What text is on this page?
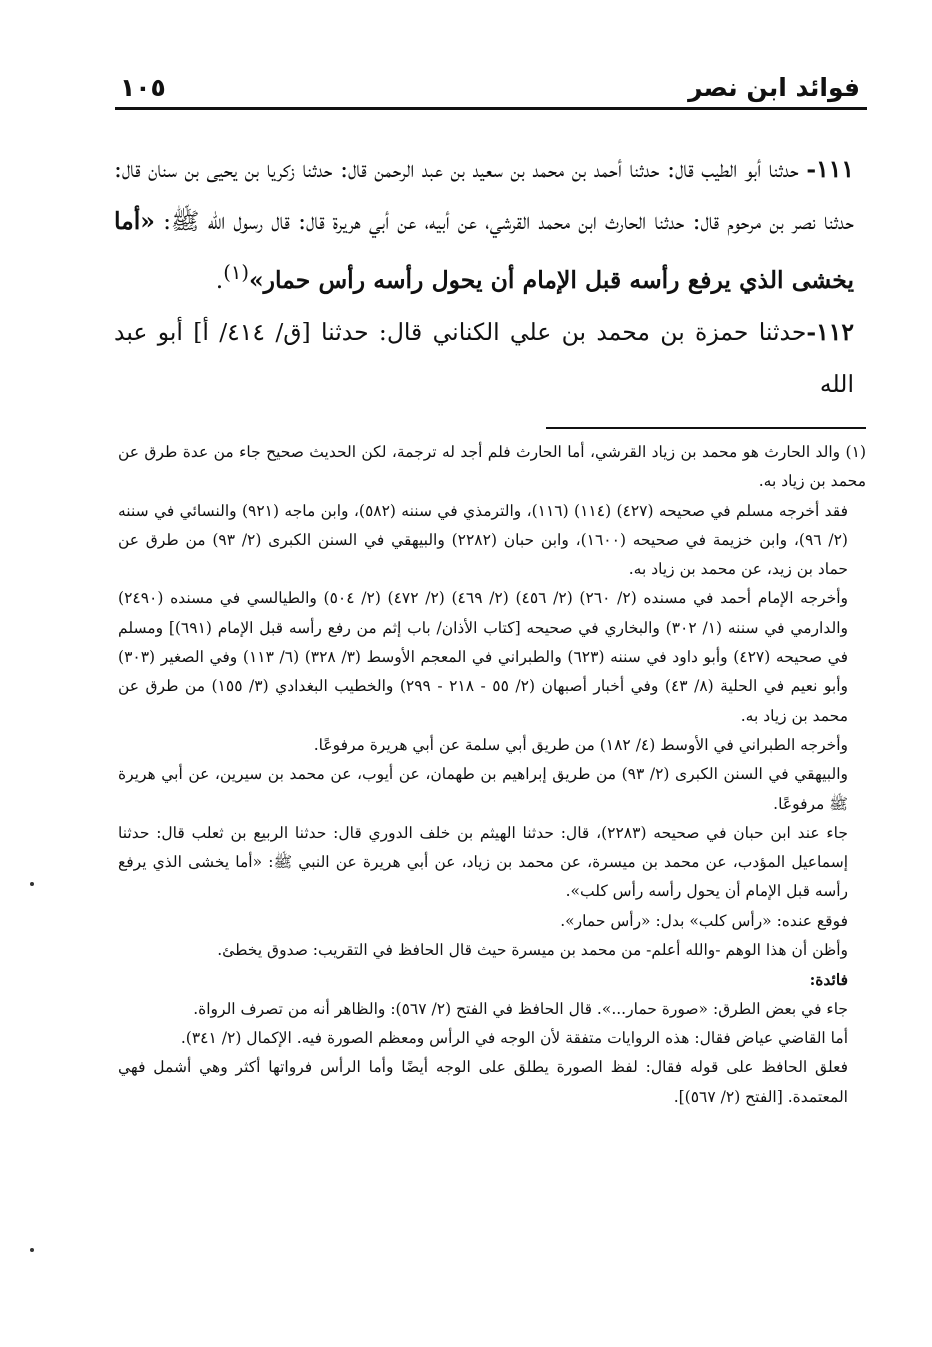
فوائد ابن نصر
١٠٥

١١١- حدثنا أبو الطيب قال: حدثنا أحمد بن محمد بن سعيد بن عبد الرحمن قال: حدثنا زكريا بن يحيى بن سنان قال: حدثنا نصر بن مرحوم قال: حدثنا الحارث ابن محمد القرشي، عن أبيه، عن أبي هريرة قال: قال رسول الله ﷺ: «أما يخشى الذي يرفع رأسه قبل الإمام أن يحول رأسه رأس حمار»$^{(١)}$.

١١٢-حدثنا حمزة بن محمد بن علي الكناني قال: حدثنا [ق/ ٤١٤/ أ] أبو عبد الله

(١) والد الحارث هو محمد بن زياد القرشي، أما الحارث فلم أجد له ترجمة، لكن الحديث صحيح جاء من عدة طرق عن محمد بن زياد به.

فقد أخرجه مسلم في صحيحه (٤٢٧) (١١٤) (١١٦)، والترمذي في سننه (٥٨٢)، وابن ماجه (٩٢١) والنسائي في سننه (٢/ ٩٦)، وابن خزيمة في صحيحه (١٦٠٠)، وابن حبان (٢٢٨٢) والبيهقي في السنن الكبرى (٢/ ٩٣) من طرق عن حماد بن زيد، عن محمد بن زياد به.

وأخرجه الإمام أحمد في مسنده (٢/ ٢٦٠) (٢/ ٤٥٦) (٢/ ٤٦٩) (٢/ ٤٧٢) (٢/ ٥٠٤) والطيالسي في مسنده (٢٤٩٠) والدارمي في سننه (١/ ٣٠٢) والبخاري في صحيحه [كتاب الأذان/ باب إثم من رفع رأسه قبل الإمام (٦٩١)] ومسلم في صحيحه (٤٢٧) وأبو داود في سننه (٦٢٣) والطبراني في المعجم الأوسط (٣/ ٣٢٨) (٦/ ١١٣) وفي الصغير (٣٠٣) وأبو نعيم في الحلية (٨/ ٤٣) وفي أخبار أصبهان (٢/ ٥٥ - ٢١٨ - ٢٩٩) والخطيب البغدادي (٣/ ١٥٥) من طرق عن محمد بن زياد به.

وأخرجه الطبراني في الأوسط (٤/ ١٨٢) من طريق أبي سلمة عن أبي هريرة مرفوعًا.

والبيهقي في السنن الكبرى (٢/ ٩٣) من طريق إبراهيم بن طهمان، عن أيوب، عن محمد بن سيرين، عن أبي هريرة ﷺ مرفوعًا.

جاء عند ابن حبان في صحيحه (٢٢٨٣)، قال: حدثنا الهيثم بن خلف الدوري قال: حدثنا الربيع بن ثعلب قال: حدثنا إسماعيل المؤدب، عن محمد بن ميسرة، عن محمد بن زياد، عن أبي هريرة عن النبي ﷺ: «أما يخشى الذي يرفع رأسه قبل الإمام أن يحول رأسه رأس كلب».

فوقع عنده: «رأس كلب» بدل: «رأس حمار».

وأظن أن هذا الوهم -والله أعلم- من محمد بن ميسرة حيث قال الحافظ في التقريب: صدوق يخطئ.

فائدة:

جاء في بعض الطرق: «صورة حمار...». قال الحافظ في الفتح (٢/ ٥٦٧): والظاهر أنه من تصرف الرواة.

أما القاضي عياض فقال: هذه الروايات متفقة لأن الوجه في الرأس ومعظم الصورة فيه. الإكمال (٢/ ٣٤١).

فعلق الحافظ على قوله فقال: لفظ الصورة يطلق على الوجه أيضًا وأما الرأس فرواتها أكثر وهي أشمل فهي المعتمدة. [الفتح (٢/ ٥٦٧)].
